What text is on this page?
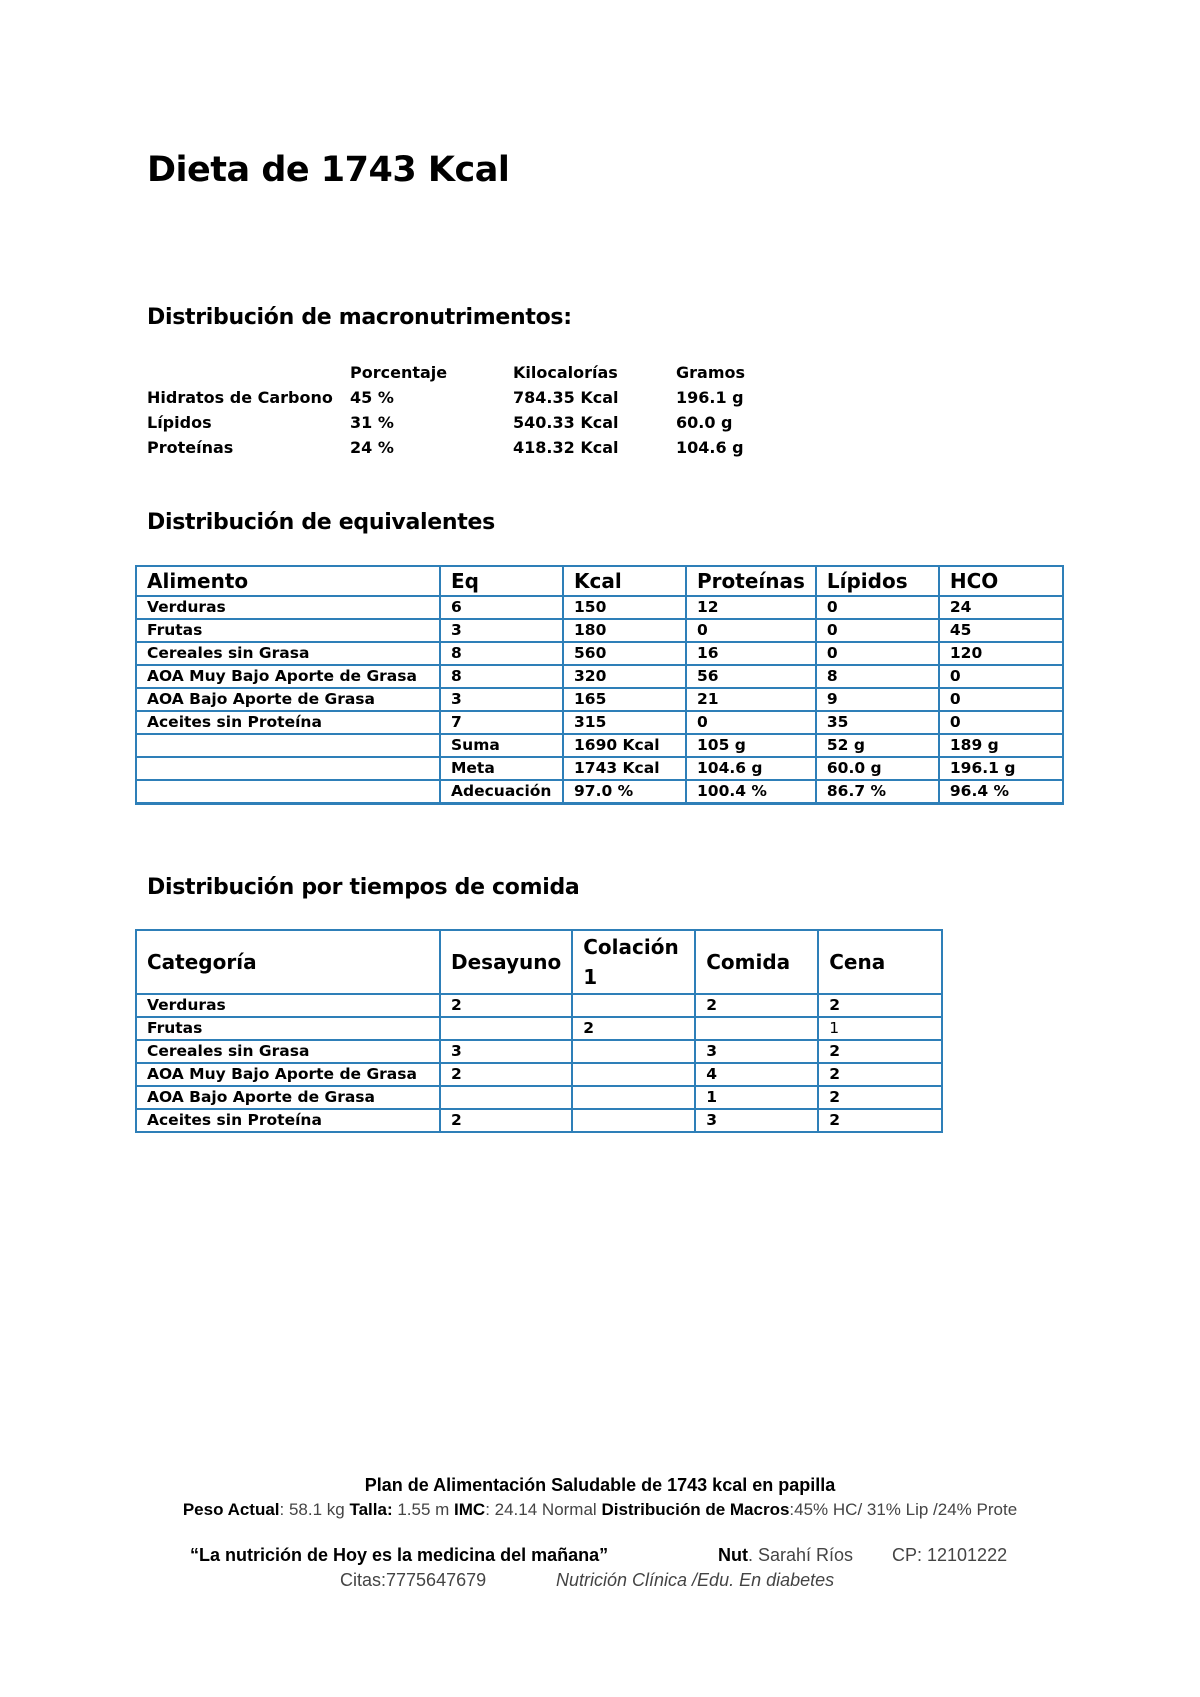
Dieta de 1743 Kcal
Distribución de macronutrimentos:
	Porcentaje	Kilocalorías	Gramos
Hidratos de Carbono	45 %	784.35 Kcal	196.1 g
Lípidos	31 %	540.33 Kcal	60.0 g
Proteínas	24 %	418.32 Kcal	104.6 g
Distribución de equivalentes
Alimento	Eq	Kcal	Proteínas	Lípidos	HCO
Verduras	6	150	12	0	24
Frutas	3	180	0	0	45
Cereales sin Grasa	8	560	16	0	120
AOA Muy Bajo Aporte de Grasa	8	320	56	8	0
AOA Bajo Aporte de Grasa	3	165	21	9	0
Aceites sin Proteína	7	315	0	35	0
	Suma	1690 Kcal	105 g	52 g	189 g
	Meta	1743 Kcal	104.6 g	60.0 g	196.1 g
	Adecuación	97.0 %	100.4 %	86.7 %	96.4 %
Distribución por tiempos de comida
Categoría	Desayuno	Colación 1	Comida	Cena
Verduras	2		2	2
Frutas		2		1
Cereales sin Grasa	3		3	2
AOA Muy Bajo Aporte de Grasa	2		4	2
AOA Bajo Aporte de Grasa			1	2
Aceites sin Proteína	2		3	2
Plan de Alimentación Saludable de 1743 kcal en papilla
Peso Actual: 58.1 kg Talla: 1.55 m IMC: 24.14 Normal Distribución de Macros:45% HC/ 31% Lip /24% Prote
“La nutrición de Hoy es la medicina del mañana”	Nut. Sarahí Ríos CP: 12101222
Citas:7775647679	Nutrición Clínica /Edu. En diabetes
